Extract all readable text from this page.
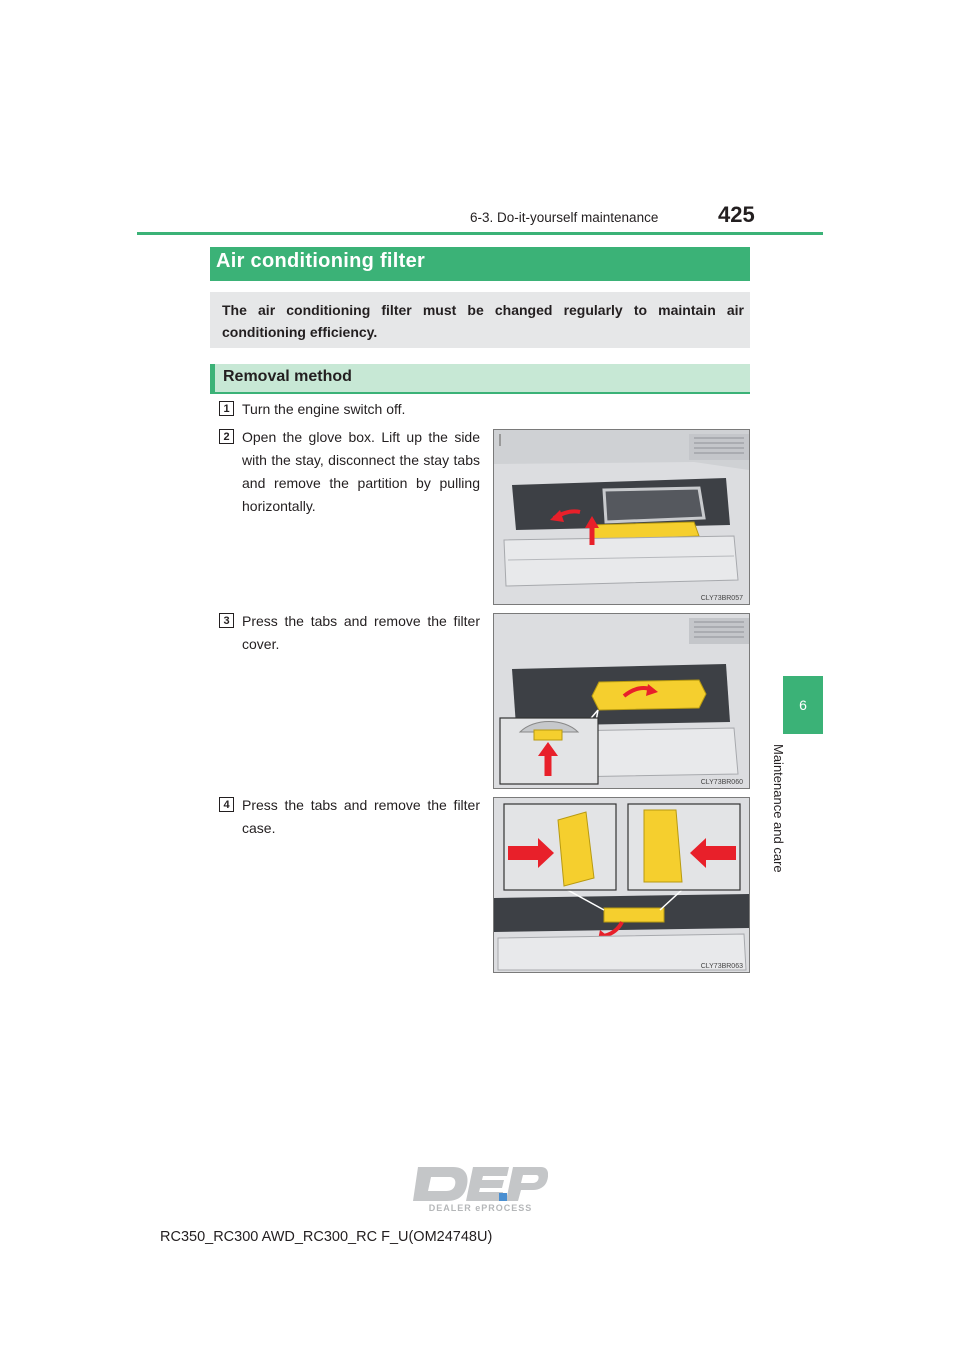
6-3. Do-it-yourself maintenance	425
6
Maintenance and care
Air conditioning filter
The air conditioning filter must be changed regularly to maintain air conditioning efficiency.
Removal method
1 Turn the engine switch off.
2 Open the glove box. Lift up the side with the stay, disconnect the stay tabs and remove the partition by pulling horizontally.
CLY73BR057
3 Press the tabs and remove the filter cover.
CLY73BR060
4 Press the tabs and remove the filter case.
CLY73BR063
DEALER ePROCESS
RC350_RC300 AWD_RC300_RC F_U(OM24748U)
